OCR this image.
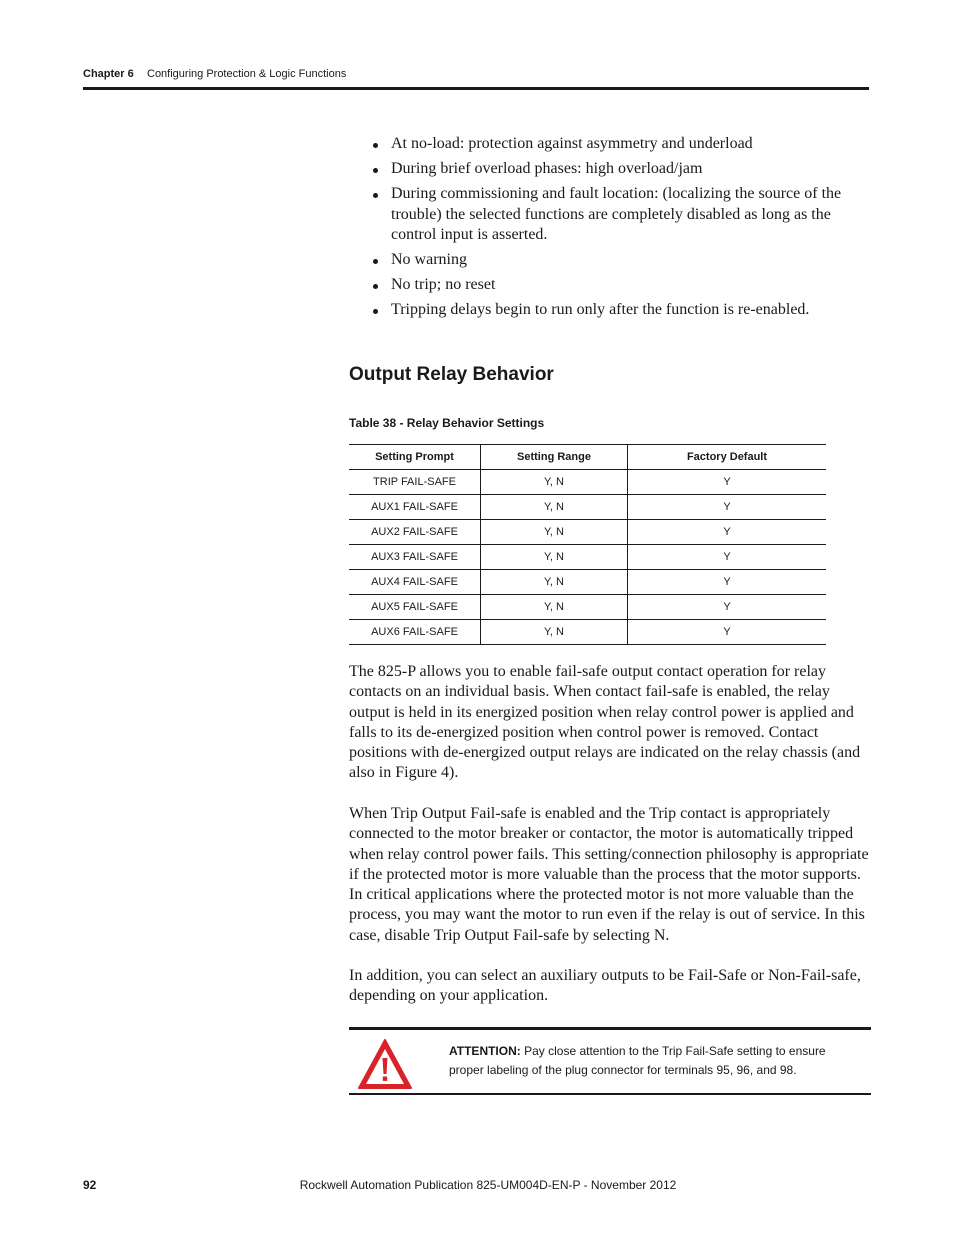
Chapter 6 Configuring Protection & Logic Functions
At no-load: protection against asymmetry and underload
During brief overload phases: high overload/jam
During commissioning and fault location: (localizing the source of the trouble) the selected functions are completely disabled as long as the control input is asserted.
No warning
No trip; no reset
Tripping delays begin to run only after the function is re-enabled.
Output Relay Behavior
Table 38 - Relay Behavior Settings
Setting Prompt	Setting Range	Factory Default
TRIP FAIL-SAFE	Y, N	Y
AUX1 FAIL-SAFE	Y, N	Y
AUX2 FAIL-SAFE	Y, N	Y
AUX3 FAIL-SAFE	Y, N	Y
AUX4 FAIL-SAFE	Y, N	Y
AUX5 FAIL-SAFE	Y, N	Y
AUX6 FAIL-SAFE	Y, N	Y

The 825-P allows you to enable fail-safe output contact operation for relay contacts on an individual basis. When contact fail-safe is enabled, the relay output is held in its energized position when relay control power is applied and falls to its de-energized position when control power is removed. Contact positions with de-energized output relays are indicated on the relay chassis (and also in Figure 4).

When Trip Output Fail-safe is enabled and the Trip contact is appropriately connected to the motor breaker or contactor, the motor is automatically tripped when relay control power fails. This setting/connection philosophy is appropriate if the protected motor is more valuable than the process that the motor supports. In critical applications where the protected motor is not more valuable than the process, you may want the motor to run even if the relay is out of service. In this case, disable Trip Output Fail-safe by selecting N.

In addition, you can select an auxiliary outputs to be Fail-Safe or Non-Fail-safe, depending on your application.

ATTENTION: Pay close attention to the Trip Fail-Safe setting to ensure proper labeling of the plug connector for terminals 95, 96, and 98.
92	Rockwell Automation Publication 825-UM004D-EN-P - November 2012
